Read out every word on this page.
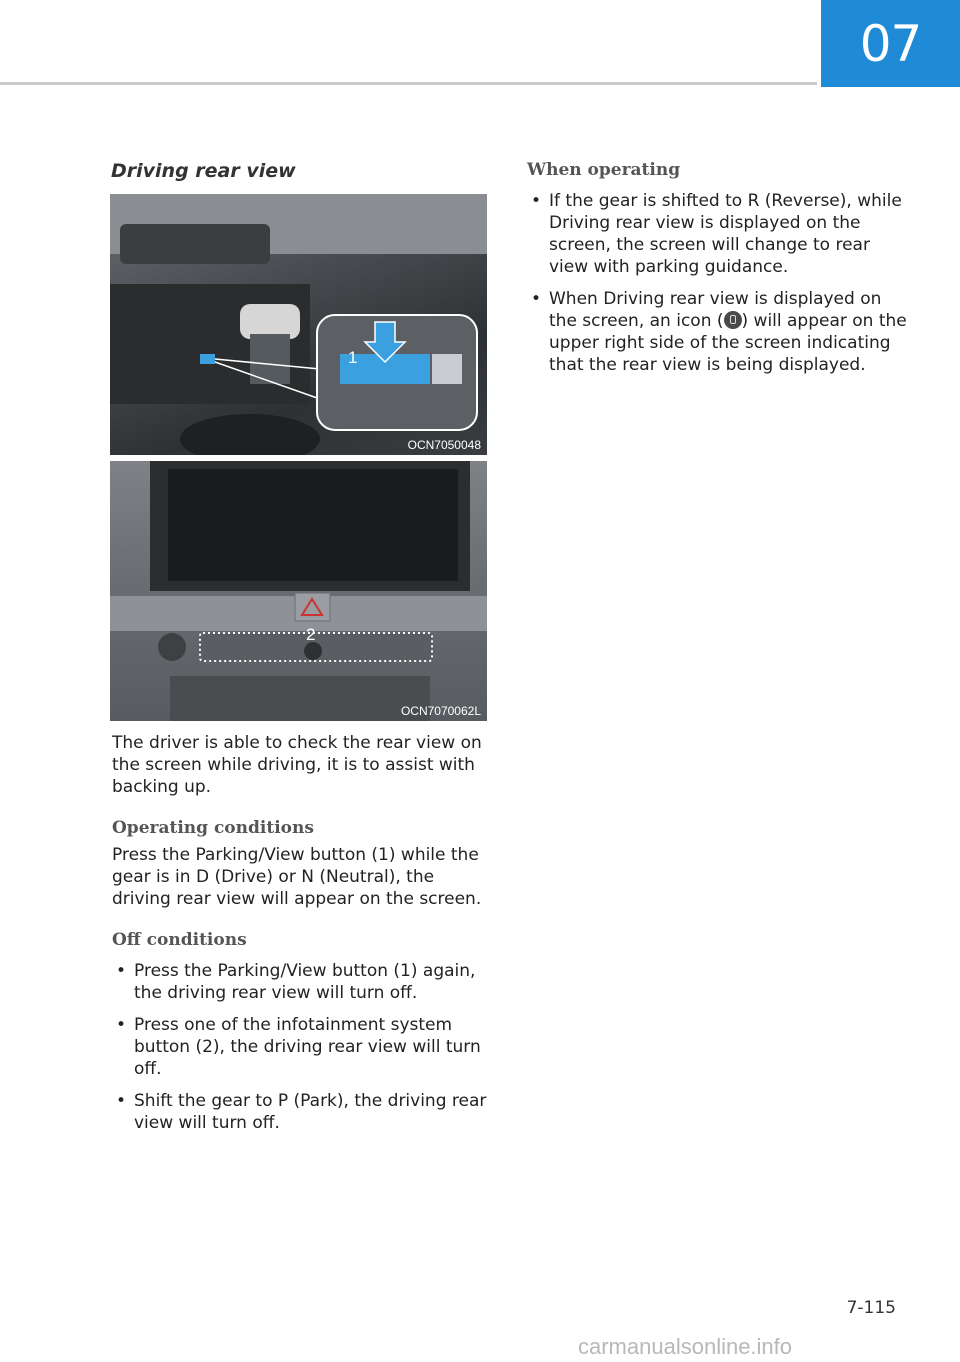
07
Driving rear view
1
OCN7050048
2
OCN7070062L

The driver is able to check the rear view on the screen while driving, it is to assist with backing up.

Operating conditions

Press the Parking/View button (1) while the gear is in D (Drive) or N (Neutral), the driving rear view will appear on the screen.

Off conditions

• Press the Parking/View button (1) again, the driving rear view will turn off.
• Press one of the infotainment system button (2), the driving rear view will turn off.
• Shift the gear to P (Park), the driving rear view will turn off.

When operating

• If the gear is shifted to R (Reverse), while Driving rear view is displayed on the screen, the screen will change to rear view with parking guidance.
• When Driving rear view is displayed on the screen, an icon ( ) will appear on the upper right side of the screen indicating that the rear view is being displayed.
7-115
carmanualsonline.info
